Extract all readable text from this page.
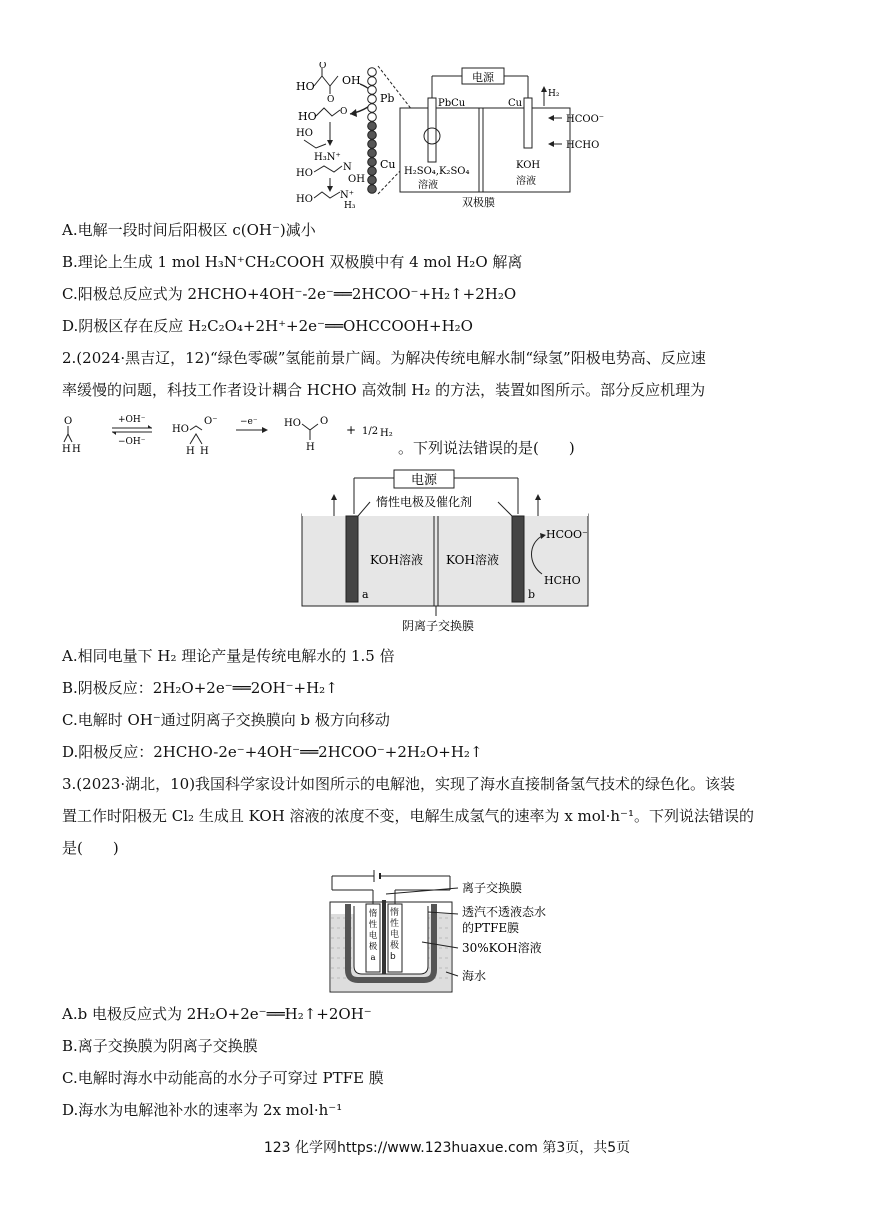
HO OH
O
O
HO	O
HO
H₃N⁺
HO
N
OH
HO	N⁺
H₃
Pb
Cu
电源
PbCu	Cu
H₂
HCOO⁻
HCHO
H₂SO₄,K₂SO₄
溶液
KOH
溶液
双极膜
A.电解一段时间后阳极区 c(OH⁻)减小
B.理论上生成 1 mol H₃N⁺CH₂COOH 双极膜中有 4 mol H₂O 解离
C.阳极总反应式为 2HCHO+4OH⁻-2e⁻══2HCOO⁻+H₂↑+2H₂O
D.阴极区存在反应 H₂C₂O₄+2H⁺+2e⁻══OHCCOOH+H₂O
2.(2024·黑吉辽，12)“绿色零碳”氢能前景广阔。为解决传统电解水制“绿氢”阳极电势高、反应速
率缓慢的问题，科技工作者设计耦合 HCHO 高效制 H₂ 的方法，装置如图所示。部分反应机理为
O
H H
+OH⁻
−OH⁻
HO
O⁻
H H
−e⁻	HO O
H
+ 1/2 H₂
。下列说法错误的是(　　)
电源
惰性电极及催化剂
KOH溶液 KOH溶液
a	b
HCOO⁻
HCHO
阴离子交换膜
A.相同电量下 H₂ 理论产量是传统电解水的 1.5 倍
B.阴极反应：2H₂O+2e⁻══2OH⁻+H₂↑
C.电解时 OH⁻通过阴离子交换膜向 b 极方向移动
D.阳极反应：2HCHO-2e⁻+4OH⁻══2HCOO⁻+2H₂O+H₂↑
3.(2023·湖北，10)我国科学家设计如图所示的电解池，实现了海水直接制备氢气技术的绿色化。该装
置工作时阳极无 Cl₂ 生成且 KOH 溶液的浓度不变，电解生成氢气的速率为 x mol·h⁻¹。下列说法错误的
是(　　)
惰性电极 a
离子交换膜
透汽不透液态水
的PTFE膜
30%KOH溶液
海水
惰性电极b
A.b 电极反应式为 2H₂O+2e⁻══H₂↑+2OH⁻
B.离子交换膜为阴离子交换膜
C.电解时海水中动能高的水分子可穿过 PTFE 膜
D.海水为电解池补水的速率为 2x mol·h⁻¹
123 化学网https://www.123huaxue.com 第3页，共5页
